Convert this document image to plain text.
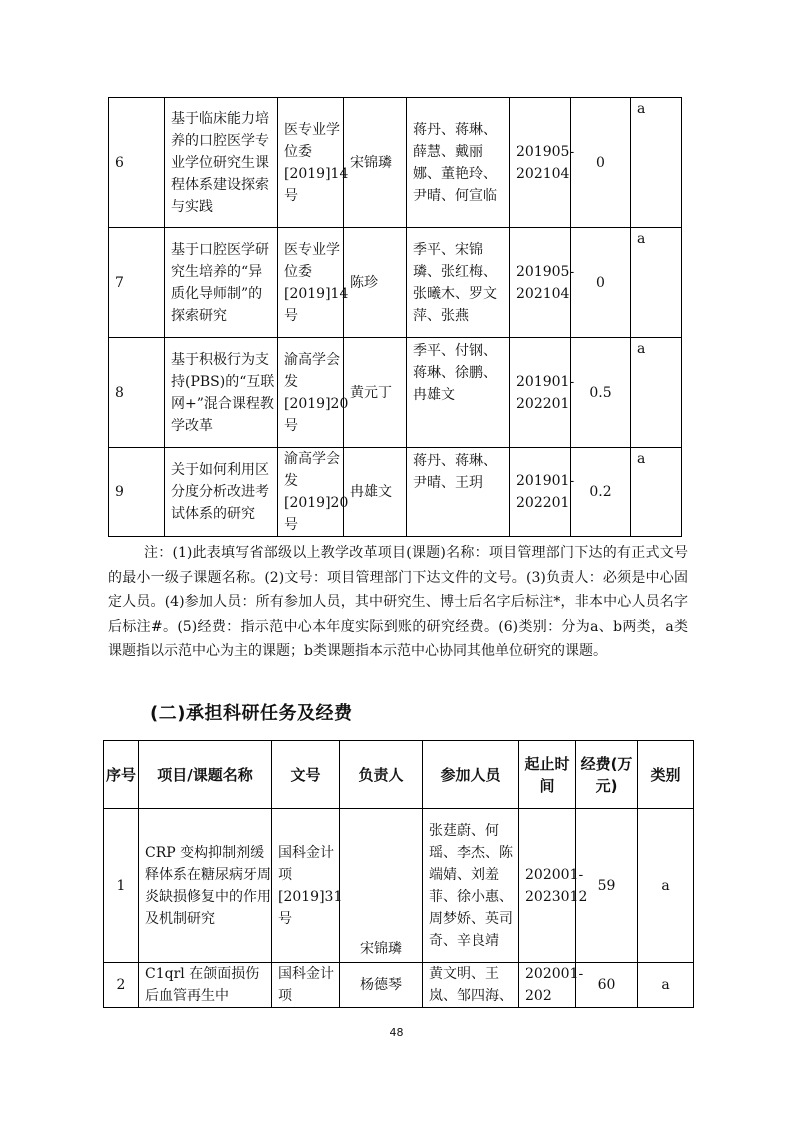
6	基于临床能力培养的口腔医学专业学位研究生课程体系建设探索与实践	医专业学位委[2019]14号	宋锦璘	蒋丹、蒋琳、薛慧、戴丽娜、董艳玲、尹晴、何宣临	201905-202104	0	a
7	基于口腔医学研究生培养的“异质化导师制”的探索研究	医专业学位委[2019]14号	陈珍	季平、宋锦璘、张红梅、张曦木、罗文萍、张燕	201905-202104	0	a
8	基于积极行为支持(PBS)的“互联网+”混合课程教学改革	渝高学会发[2019]20号	黄元丁	季平、付钢、蒋琳、徐鹏、冉雄文	201901-202201	0.5	a
9	关于如何利用区分度分析改进考试体系的研究	渝高学会发[2019]20号	冉雄文	蒋丹、蒋琳、尹晴、王玥	201901-202201	0.2	a
注：(1)此表填写省部级以上教学改革项目(课题)名称：项目管理部门下达的有正式文号的最小一级子课题名称。(2)文号：项目管理部门下达文件的文号。(3)负责人：必须是中心固定人员。(4)参加人员：所有参加人员，其中研究生、博士后名字后标注*，非本中心人员名字后标注#。(5)经费：指示范中心本年度实际到账的研究经费。(6)类别：分为a、b两类，a类课题指以示范中心为主的课题；b类课题指本示范中心协同其他单位研究的课题。
(二)承担科研任务及经费
序号	项目/课题名称	文号	负责人	参加人员	起止时间	经费(万元)	类别
1	CRP 变构抑制剂缓释体系在糖尿病牙周炎缺损修复中的作用及机制研究	国科金计项[2019]31号	宋锦璘	张莛蔚、何瑶、李杰、陈端婧、刘羞菲、徐小惠、周梦娇、英司奇、辛良靖	202001-2023012	59	a
2	C1qrl 在颌面损伤后血管再生中	国科金计项	杨德琴	黄文明、王岚、邹四海、	202001-202	60	a
48
